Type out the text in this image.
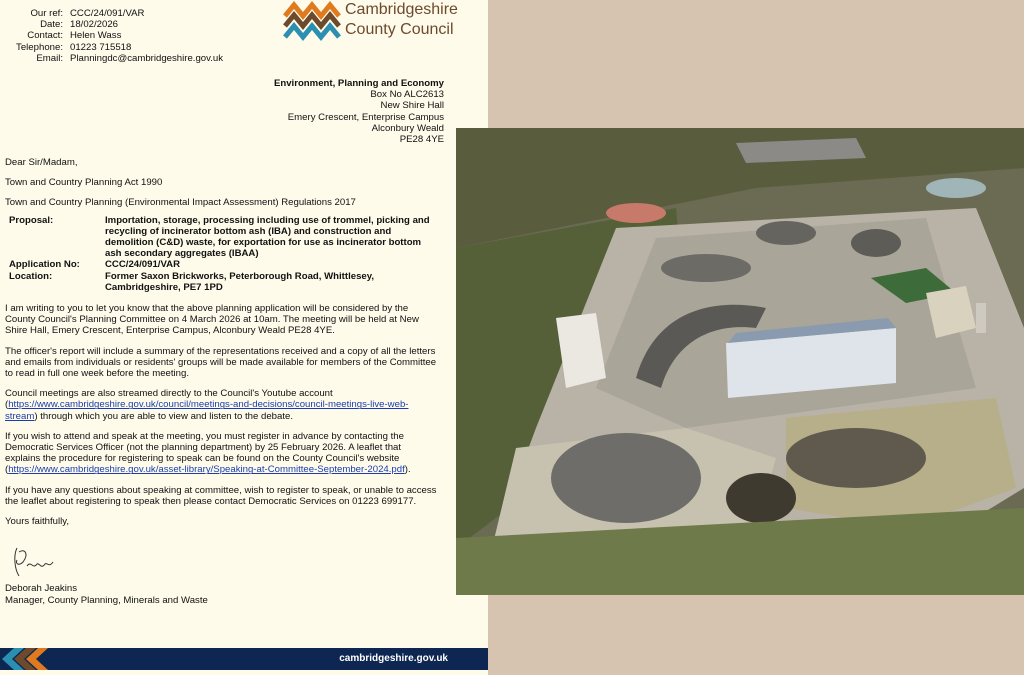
Our ref: CCC/24/091/VAR
Date: 18/02/2026
Contact: Helen Wass
Telephone: 01223 715518
Email: Planningdc@cambridgeshire.gov.uk
Cambridgeshire
County Council
Environment, Planning and Economy
Box No ALC2613
New Shire Hall
Emery Crescent, Enterprise Campus
Alconbury Weald
PE28 4YE

Dear Sir/Madam,

Town and Country Planning Act 1990

Town and Country Planning (Environmental Impact Assessment) Regulations 2017

Proposal:	Importation, storage, processing including use of trommel, picking and recycling of incinerator bottom ash (IBA) and construction and demolition (C&D) waste, for exportation for use as incinerator bottom ash secondary aggregates (IBAA)
Application No:	CCC/24/091/VAR
Location:	Former Saxon Brickworks, Peterborough Road, Whittlesey, Cambridgeshire, PE7 1PD

I am writing to you to let you know that the above planning application will be considered by the County Council's Planning Committee on 4 March 2026 at 10am. The meeting will be held at New Shire Hall, Emery Crescent, Enterprise Campus, Alconbury Weald PE28 4YE.

The officer's report will include a summary of the representations received and a copy of all the letters and emails from individuals or residents' groups will be made available for members of the Committee to read in full one week before the meeting.

Council meetings are also streamed directly to the Council's Youtube account (https://www.cambridgeshire.gov.uk/council/meetings-and-decisions/council-meetings-live-web-stream) through which you are able to view and listen to the debate.

If you wish to attend and speak at the meeting, you must register in advance by contacting the Democratic Services Officer (not the planning department) by 25 February 2026. A leaflet that explains the procedure for registering to speak can be found on the County Council's website (https://www.cambridgeshire.gov.uk/asset-library/Speaking-at-Committee-September-2024.pdf).

If you have any questions about speaking at committee, wish to register to speak, or unable to access the leaflet about registering to speak then please contact Democratic Services on 01223 699177.

Yours faithfully,

Deborah Jeakins
Manager, County Planning, Minerals and Waste
cambridgeshire.gov.uk
